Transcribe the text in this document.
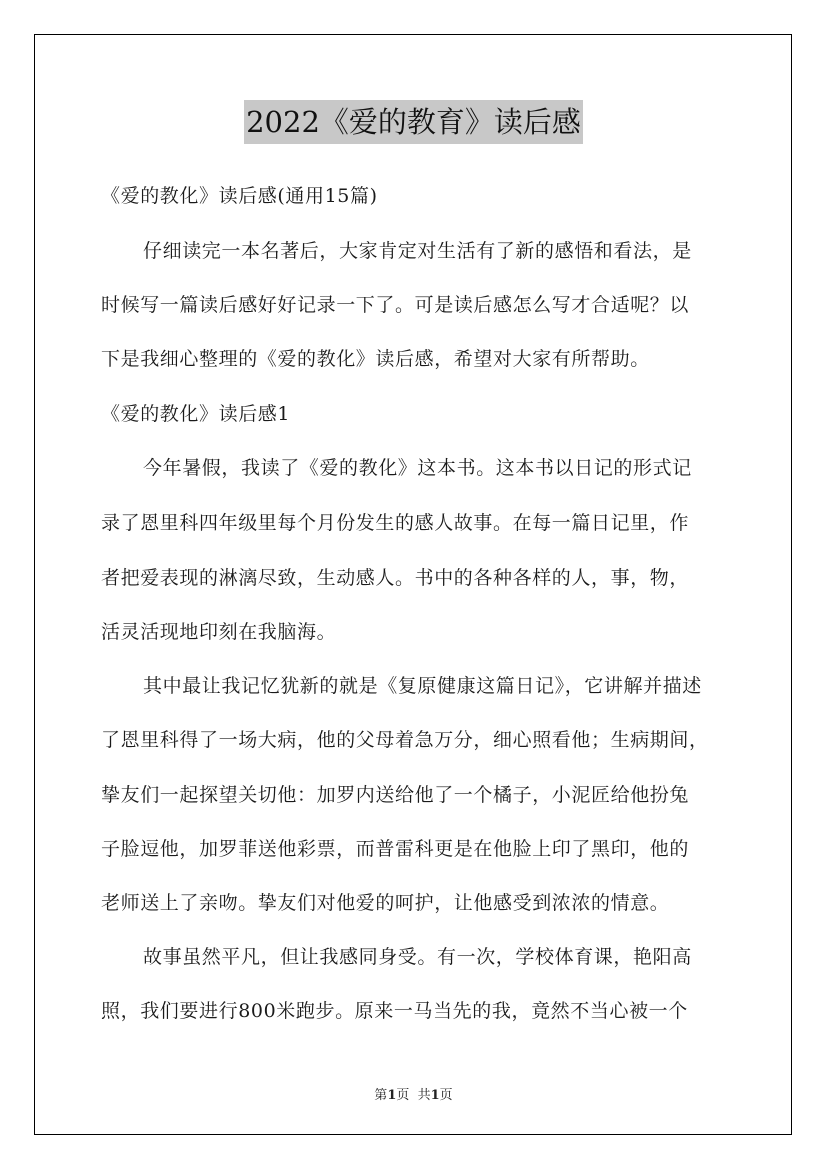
2022《爱的教育》读后感
《爱的教化》读后感(通用15篇)
仔细读完一本名著后，大家肯定对生活有了新的感悟和看法，是
时候写一篇读后感好好记录一下了。可是读后感怎么写才合适呢？以
下是我细心整理的《爱的教化》读后感，希望对大家有所帮助。
《爱的教化》读后感1
今年暑假，我读了《爱的教化》这本书。这本书以日记的形式记
录了恩里科四年级里每个月份发生的感人故事。在每一篇日记里，作
者把爱表现的淋漓尽致，生动感人。书中的各种各样的人，事，物，
活灵活现地印刻在我脑海。
其中最让我记忆犹新的就是《复原健康这篇日记》，它讲解并描述
了恩里科得了一场大病，他的父母着急万分，细心照看他；生病期间，
挚友们一起探望关切他：加罗内送给他了一个橘子，小泥匠给他扮兔
子脸逗他，加罗菲送他彩票，而普雷科更是在他脸上印了黑印，他的
老师送上了亲吻。挚友们对他爱的呵护，让他感受到浓浓的情意。
故事虽然平凡，但让我感同身受。有一次，学校体育课，艳阳高
照，我们要进行800米跑步。原来一马当先的我，竟然不当心被一个
第1页  共1页
